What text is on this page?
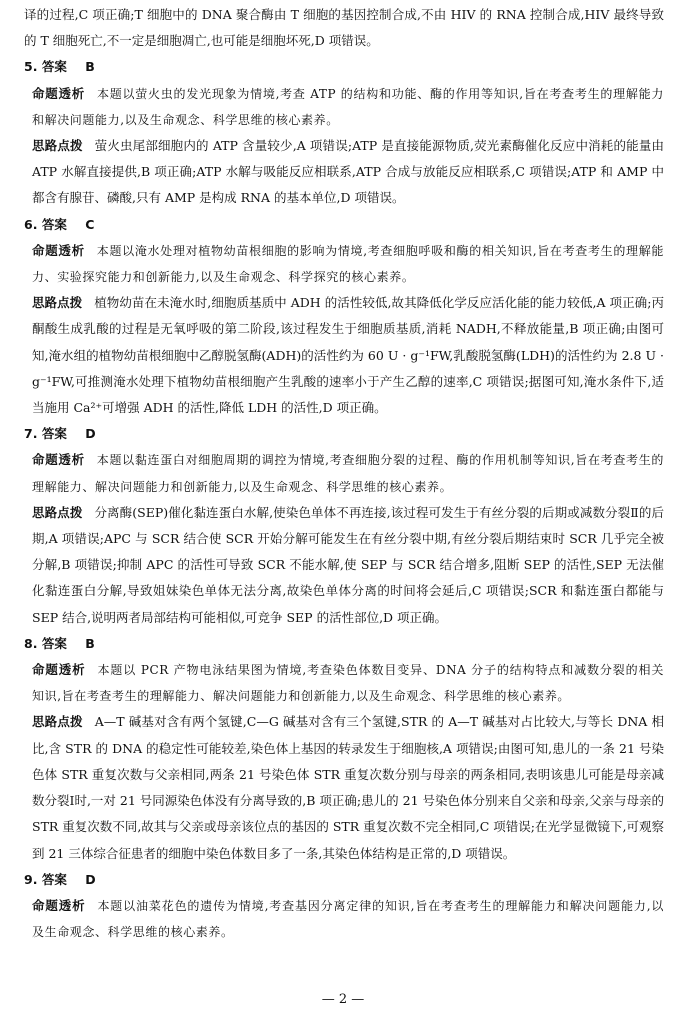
译的过程,C 项正确;T 细胞中的 DNA 聚合酶由 T 细胞的基因控制合成,不由 HIV 的 RNA 控制合成,HIV 最终导致的 T 细胞死亡,不一定是细胞凋亡,也可能是细胞坏死,D 项错误。

5. 答案 B

命题透析 本题以萤火虫的发光现象为情境,考查 ATP 的结构和功能、酶的作用等知识,旨在考查考生的理解能力和解决问题能力,以及生命观念、科学思维的核心素养。

思路点拨 萤火虫尾部细胞内的 ATP 含量较少,A 项错误;ATP 是直接能源物质,荧光素酶催化反应中消耗的能量由 ATP 水解直接提供,B 项正确;ATP 水解与吸能反应相联系,ATP 合成与放能反应相联系,C 项错误;ATP 和 AMP 中都含有腺苷、磷酸,只有 AMP 是构成 RNA 的基本单位,D 项错误。

6. 答案 C

命题透析 本题以淹水处理对植物幼苗根细胞的影响为情境,考查细胞呼吸和酶的相关知识,旨在考查考生的理解能力、实验探究能力和创新能力,以及生命观念、科学探究的核心素养。

思路点拨 植物幼苗在未淹水时,细胞质基质中 ADH 的活性较低,故其降低化学反应活化能的能力较低,A 项正确;丙酮酸生成乳酸的过程是无氧呼吸的第二阶段,该过程发生于细胞质基质,消耗 NADH,不释放能量,B 项正确;由图可知,淹水组的植物幼苗根细胞中乙醇脱氢酶(ADH)的活性约为 60 U · g⁻¹FW,乳酸脱氢酶(LDH)的活性约为 2.8 U · g⁻¹FW,可推测淹水处理下植物幼苗根细胞产生乳酸的速率小于产生乙醇的速率,C 项错误;据图可知,淹水条件下,适当施用 Ca²⁺可增强 ADH 的活性,降低 LDH 的活性,D 项正确。

7. 答案 D

命题透析 本题以黏连蛋白对细胞周期的调控为情境,考查细胞分裂的过程、酶的作用机制等知识,旨在考查考生的理解能力、解决问题能力和创新能力,以及生命观念、科学思维的核心素养。

思路点拨 分离酶(SEP)催化黏连蛋白水解,使染色单体不再连接,该过程可发生于有丝分裂的后期或减数分裂Ⅱ的后期,A 项错误;APC 与 SCR 结合使 SCR 开始分解可能发生在有丝分裂中期,有丝分裂后期结束时 SCR 几乎完全被分解,B 项错误;抑制 APC 的活性可导致 SCR 不能水解,使 SEP 与 SCR 结合增多,阻断 SEP 的活性,SEP 无法催化黏连蛋白分解,导致姐妹染色单体无法分离,故染色单体分离的时间将会延后,C 项错误;SCR 和黏连蛋白都能与 SEP 结合,说明两者局部结构可能相似,可竞争 SEP 的活性部位,D 项正确。

8. 答案 B

命题透析 本题以 PCR 产物电泳结果图为情境,考查染色体数目变异、DNA 分子的结构特点和减数分裂的相关知识,旨在考查考生的理解能力、解决问题能力和创新能力,以及生命观念、科学思维的核心素养。

思路点拨 A—T 碱基对含有两个氢键,C—G 碱基对含有三个氢键,STR 的 A—T 碱基对占比较大,与等长 DNA 相比,含 STR 的 DNA 的稳定性可能较差,染色体上基因的转录发生于细胞核,A 项错误;由图可知,患儿的一条 21 号染色体 STR 重复次数与父亲相同,两条 21 号染色体 STR 重复次数分别与母亲的两条相同,表明该患儿可能是母亲减数分裂Ⅰ时,一对 21 号同源染色体没有分离导致的,B 项正确;患儿的 21 号染色体分别来自父亲和母亲,父亲与母亲的 STR 重复次数不同,故其与父亲或母亲该位点的基因的 STR 重复次数不完全相同,C 项错误;在光学显微镜下,可观察到 21 三体综合征患者的细胞中染色体数目多了一条,其染色体结构是正常的,D 项错误。

9. 答案 D

命题透析 本题以油菜花色的遗传为情境,考查基因分离定律的知识,旨在考查考生的理解能力和解决问题能力,以及生命观念、科学思维的核心素养。

— 2 —
